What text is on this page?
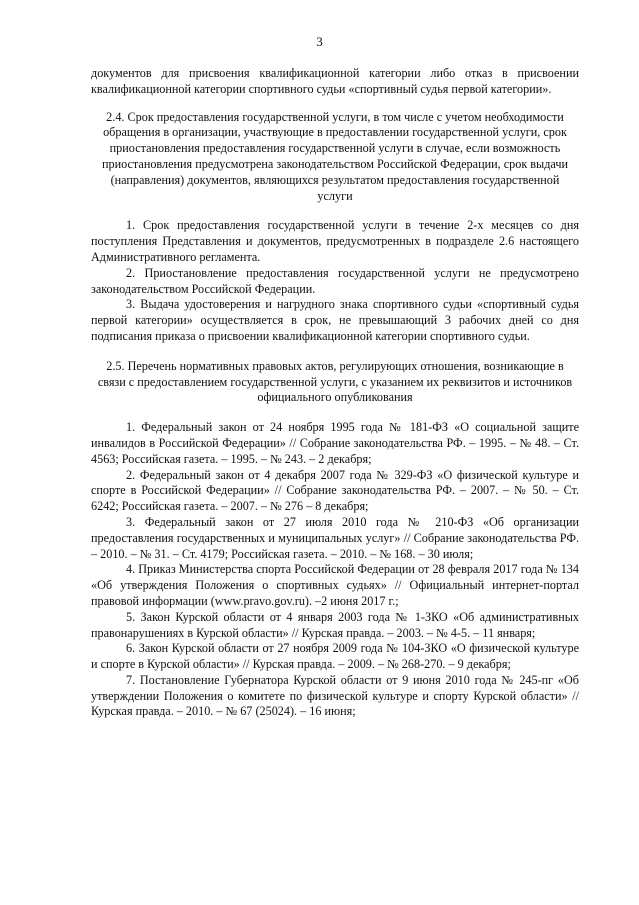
3

документов для присвоения квалификационной категории либо отказ в присвоении квалификационной категории спортивного судьи «спортивный судья первой категории».

2.4. Срок предоставления государственной услуги, в том числе с учетом необходимости обращения в организации, участвующие в предоставлении государственной услуги, срок приостановления предоставления государственной услуги в случае, если возможность приостановления предусмотрена законодательством Российской Федерации, срок выдачи (направления) документов, являющихся результатом предоставления государственной услуги

1. Срок предоставления государственной услуги в течение 2-х месяцев со дня поступления Представления и документов, предусмотренных в подразделе 2.6 настоящего Административного регламента.

2. Приостановление предоставления государственной услуги не предусмотрено законодательством Российской Федерации.

3. Выдача удостоверения и нагрудного знака спортивного судьи «спортивный судья первой категории» осуществляется в срок, не превышающий 3 рабочих дней со дня подписания приказа о присвоении квалификационной категории спортивного судьи.

2.5. Перечень нормативных правовых актов, регулирующих отношения, возникающие в связи с предоставлением государственной услуги, с указанием их реквизитов и источников официального опубликования

1. Федеральный закон от 24 ноября 1995 года № 181-ФЗ «О социальной защите инвалидов в Российской Федерации» // Собрание законодательства РФ. – 1995. – № 48. – Ст. 4563; Российская газета. – 1995. – № 243. – 2 декабря;

2. Федеральный закон от 4 декабря 2007 года № 329-ФЗ «О физической культуре и спорте в Российской Федерации» // Собрание законодательства РФ. – 2007. – № 50. – Ст. 6242; Российская газета. – 2007. – № 276 – 8 декабря;

3. Федеральный закон от 27 июля 2010 года № 210-ФЗ «Об организации предоставления государственных и муниципальных услуг» // Собрание законодательства РФ. – 2010. – № 31. – Ст. 4179; Российская газета. – 2010. – № 168. – 30 июля;

4. Приказ Министерства спорта Российской Федерации от 28 февраля 2017 года № 134 «Об утверждения Положения о спортивных судьях» // Официальный интернет-портал правовой информации (www.pravo.gov.ru). –2 июня 2017 г.;

5. Закон Курской области от 4 января 2003 года № 1-ЗКО «Об административных правонарушениях в Курской области» // Курская правда. – 2003. – № 4-5. – 11 января;

6. Закон Курской области от 27 ноября 2009 года № 104-ЗКО «О физической культуре и спорте в Курской области» // Курская правда. – 2009. – № 268-270. – 9 декабря;

7. Постановление Губернатора Курской области от 9 июня 2010 года № 245-пг «Об утверждении Положения о комитете по физической культуре и спорту Курской области» // Курская правда. – 2010. – № 67 (25024). – 16 июня;
